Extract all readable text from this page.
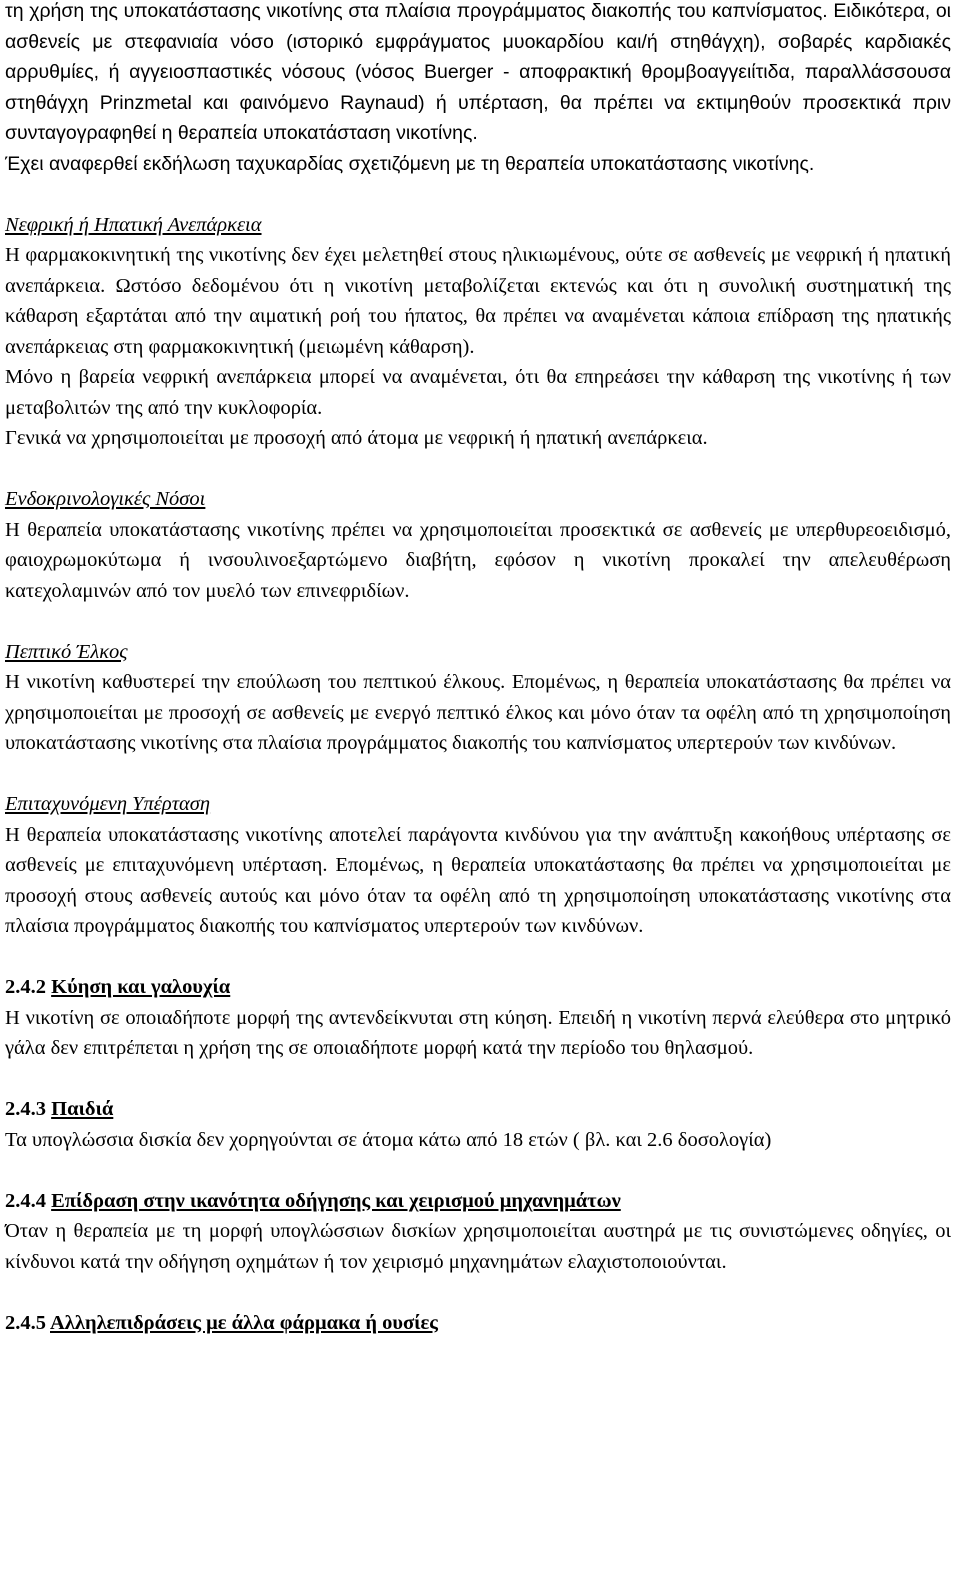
τη χρήση της υποκατάστασης νικοτίνης στα πλαίσια προγράμματος διακοπής του καπνίσματος. Ειδικότερα, οι ασθενείς με στεφανιαία νόσο (ιστορικό εμφράγματος μυοκαρδίου και/ή στηθάγχη), σοβαρές καρδιακές αρρυθμίες, ή αγγειοσπαστικές νόσους (νόσος Buerger - αποφρακτική θρομβοαγγειίτιδα, παραλλάσσουσα στηθάγχη Prinzmetal και φαινόμενο Raynaud) ή υπέρταση, θα πρέπει να εκτιμηθούν προσεκτικά πριν συνταγογραφηθεί η θεραπεία υποκατάσταση νικοτίνης.

Έχει αναφερθεί εκδήλωση ταχυκαρδίας σχετιζόμενη με τη θεραπεία υποκατάστασης νικοτίνης.

Νεφρική ή Ηπατική Ανεπάρκεια

Η φαρμακοκινητική της νικοτίνης δεν έχει μελετηθεί στους ηλικιωμένους, ούτε σε ασθενείς με νεφρική ή ηπατική ανεπάρκεια. Ωστόσο δεδομένου ότι η νικοτίνη μεταβολίζεται εκτενώς και ότι η συνολική συστηματική της κάθαρση εξαρτάται από την αιματική ροή του ήπατος, θα πρέπει να αναμένεται κάποια επίδραση της ηπατικής ανεπάρκειας στη φαρμακοκινητική (μειωμένη κάθαρση).

Μόνο η βαρεία νεφρική ανεπάρκεια μπορεί να αναμένεται, ότι θα επηρεάσει την κάθαρση της νικοτίνης ή των μεταβολιτών της από την κυκλοφορία.

Γενικά να χρησιμοποιείται με προσοχή από άτομα με νεφρική ή ηπατική ανεπάρκεια.

Ενδοκρινολογικές Νόσοι

Η θεραπεία υποκατάστασης νικοτίνης πρέπει να χρησιμοποιείται προσεκτικά σε ασθενείς με υπερθυρεοειδισμό, φαιοχρωμοκύτωμα ή ινσουλινοεξαρτώμενο διαβήτη, εφόσον η νικοτίνη προκαλεί την απελευθέρωση κατεχολαμινών από τον μυελό των επινεφριδίων.

Πεπτικό Έλκος

Η νικοτίνη καθυστερεί την επούλωση του πεπτικού έλκους. Επομένως, η θεραπεία υποκατάστασης θα πρέπει να χρησιμοποιείται με προσοχή σε ασθενείς με ενεργό πεπτικό έλκος και μόνο όταν τα οφέλη από τη χρησιμοποίηση υποκατάστασης νικοτίνης στα πλαίσια προγράμματος διακοπής του καπνίσματος υπερτερούν των κινδύνων.

Επιταχυνόμενη Υπέρταση

Η θεραπεία υποκατάστασης νικοτίνης αποτελεί παράγοντα κινδύνου για την ανάπτυξη κακοήθους υπέρτασης σε ασθενείς με επιταχυνόμενη υπέρταση. Επομένως, η θεραπεία υποκατάστασης θα πρέπει να χρησιμοποιείται με προσοχή στους ασθενείς αυτούς και μόνο όταν τα οφέλη από τη χρησιμοποίηση υποκατάστασης νικοτίνης στα πλαίσια προγράμματος διακοπής του καπνίσματος υπερτερούν των κινδύνων.

2.4.2 Κύηση και γαλουχία

Η νικοτίνη σε οποιαδήποτε μορφή της αντενδείκνυται στη κύηση. Επειδή η νικοτίνη περνά ελεύθερα στο μητρικό γάλα δεν επιτρέπεται η χρήση της σε οποιαδήποτε μορφή κατά την περίοδο του θηλασμού.

2.4.3 Παιδιά

Τα υπογλώσσια δισκία δεν χορηγούνται σε άτομα κάτω από 18 ετών ( βλ. και 2.6 δοσολογία)

2.4.4 Επίδραση στην ικανότητα οδήγησης και χειρισμού μηχανημάτων

Όταν η θεραπεία με τη μορφή υπογλώσσιων δισκίων χρησιμοποιείται αυστηρά με τις συνιστώμενες οδηγίες, οι κίνδυνοι κατά την οδήγηση οχημάτων ή τον χειρισμό μηχανημάτων ελαχιστοποιούνται.

2.4.5 Αλληλεπιδράσεις με άλλα φάρμακα ή ουσίες
